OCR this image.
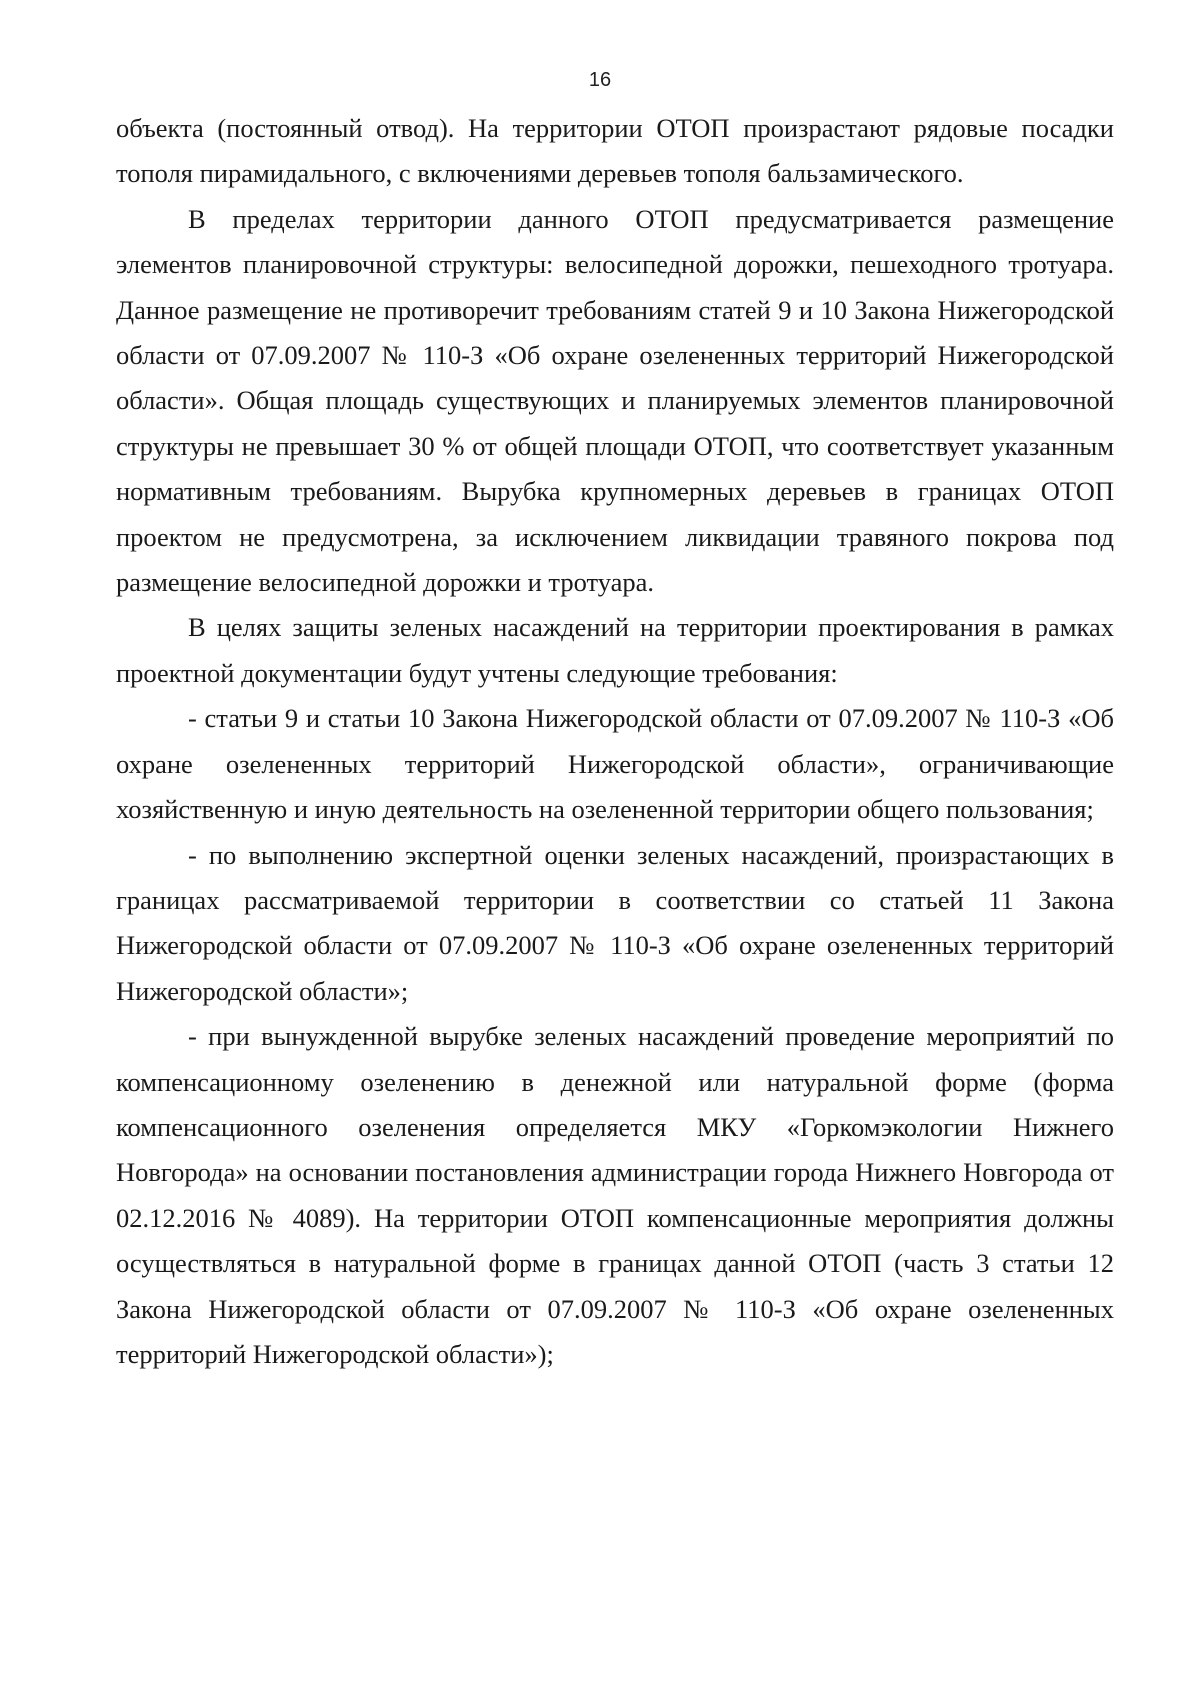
16

объекта (постоянный отвод). На территории ОТОП произрастают рядовые посадки тополя пирамидального, с включениями деревьев тополя бальзамического.

В пределах территории данного ОТОП предусматривается размещение элементов планировочной структуры: велосипедной дорожки, пешеходного тротуара. Данное размещение не противоречит требованиям статей 9 и 10 Закона Нижегородской области от 07.09.2007 № 110-З «Об охране озелененных территорий Нижегородской области». Общая площадь существующих и планируемых элементов планировочной структуры не превышает 30 % от общей площади ОТОП, что соответствует указанным нормативным требованиям. Вырубка крупномерных деревьев в границах ОТОП проектом не предусмотрена, за исключением ликвидации травяного покрова под размещение велосипедной дорожки и тротуара.

В целях защиты зеленых насаждений на территории проектирования в рамках проектной документации будут учтены следующие требования:

- статьи 9 и статьи 10 Закона Нижегородской области от 07.09.2007 № 110-З «Об охране озелененных территорий Нижегородской области», ограничивающие хозяйственную и иную деятельность на озелененной территории общего пользования;

- по выполнению экспертной оценки зеленых насаждений, произрастающих в границах рассматриваемой территории в соответствии со статьей 11 Закона Нижегородской области от 07.09.2007 № 110-З «Об охране озелененных территорий Нижегородской области»;

- при вынужденной вырубке зеленых насаждений проведение мероприятий по компенсационному озеленению в денежной или натуральной форме (форма компенсационного озеленения определяется МКУ «Горкомэкологии Нижнего Новгорода» на основании постановления администрации города Нижнего Новгорода от 02.12.2016 № 4089). На территории ОТОП компенсационные мероприятия должны осуществляться в натуральной форме в границах данной ОТОП (часть 3 статьи 12 Закона Нижегородской области от 07.09.2007 № 110-З «Об охране озелененных территорий Нижегородской области»);
